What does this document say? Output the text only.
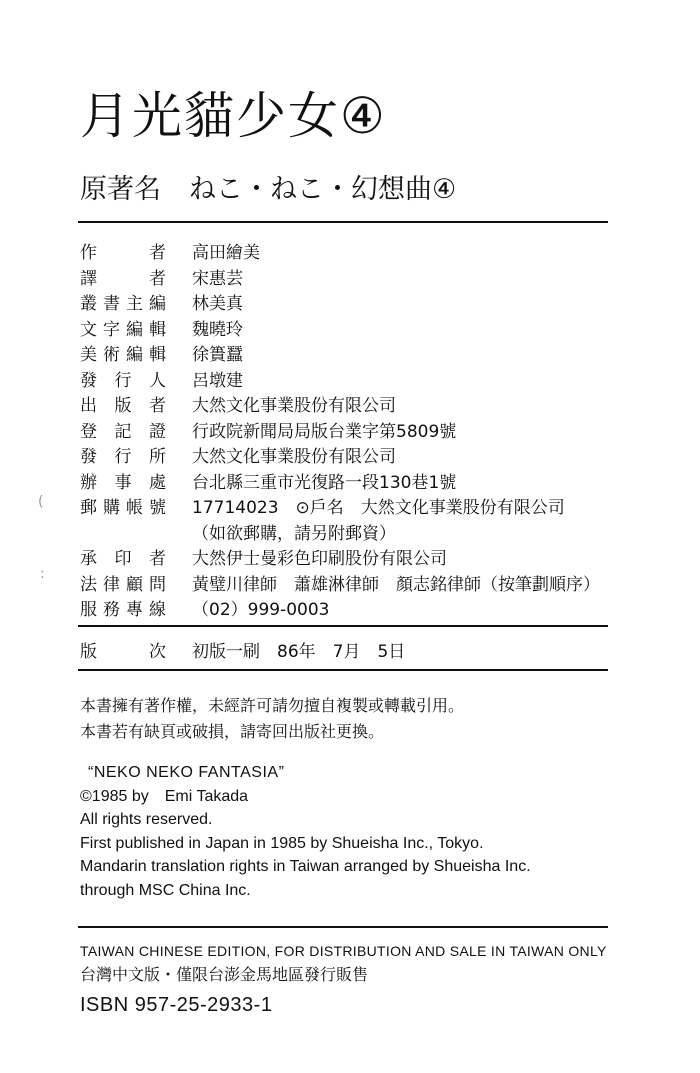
月光貓少女④
原著名 ねこ・ねこ・幻想曲④
作者 高田繪美
譯者 宋惠芸
叢書主編 林美真
文字編輯 魏曉玲
美術編輯 徐簣蠶
發行人 呂墩建
出版者 大然文化事業股份有限公司
登記證 行政院新聞局局版台業字第5809號
發行所 大然文化事業股份有限公司
辦事處 台北縣三重市光復路一段130巷1號
郵購帳號 17714023　⊙戶名　大然文化事業股份有限公司
（如欲郵購，請另附郵資）
承印者 大然伊士曼彩色印刷股份有限公司
法律顧問 黃璧川律師　蕭雄淋律師　顏志銘律師（按筆劃順序）
服務專線 （02）999-0003
版次 初版一刷　86年　7月　5日
本書擁有著作權，未經許可請勿擅自複製或轉載引用。
本書若有缺頁或破損，請寄回出版社更換。
“NEKO NEKO FANTASIA”
©1985 by　Emi Takada
All rights reserved.
First published in Japan in 1985 by Shueisha Inc., Tokyo.
Mandarin translation rights in Taiwan arranged by Shueisha Inc.
through MSC China Inc.
TAIWAN CHINESE EDITION, FOR DISTRIBUTION AND SALE IN TAIWAN ONLY
台灣中文版・僅限台澎金馬地區發行販售
ISBN 957-25-2933-1
(
:
